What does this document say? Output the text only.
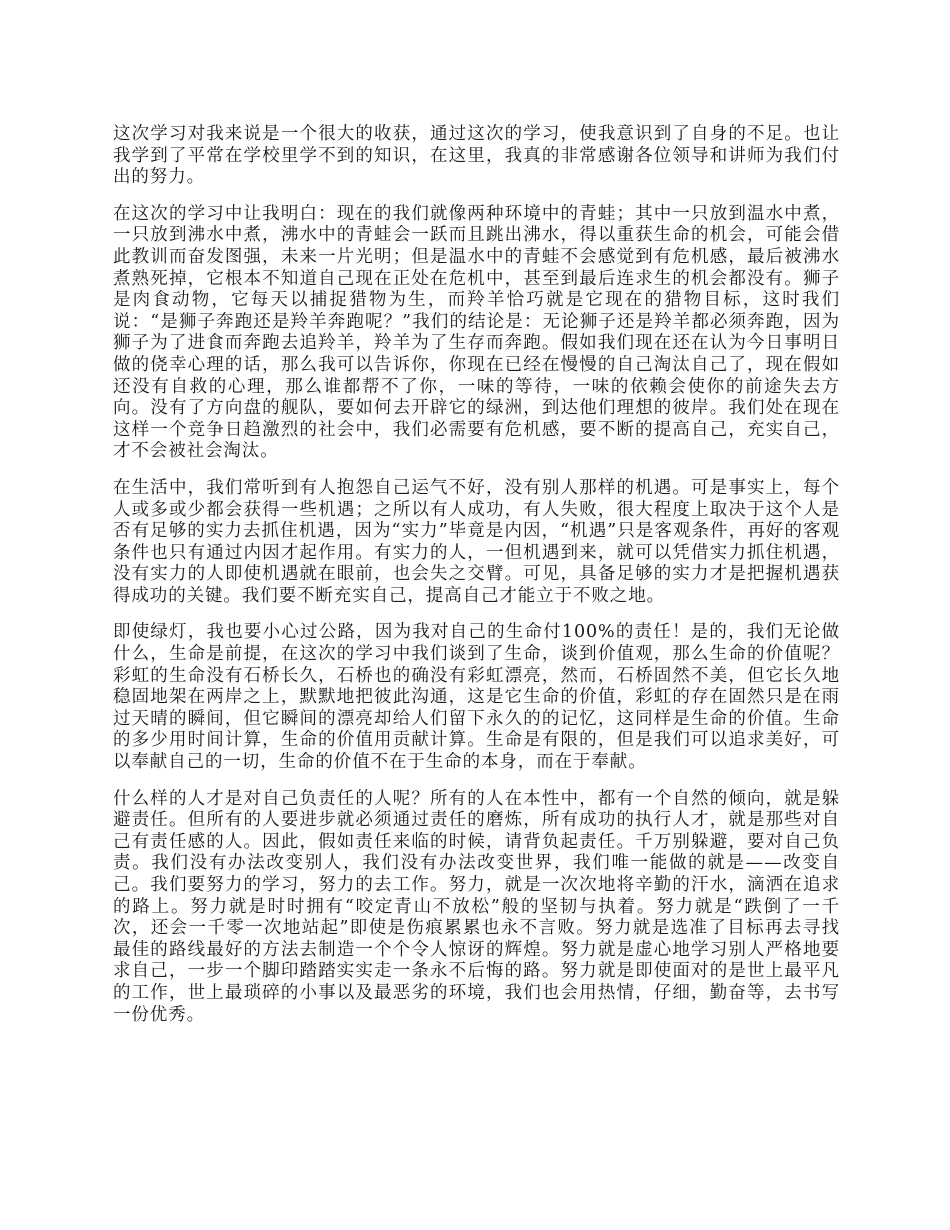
这次学习对我来说是一个很大的收获，通过这次的学习，使我意识到了自身的不足。也让我学到了平常在学校里学不到的知识，在这里，我真的非常感谢各位领导和讲师为我们付出的努力。

在这次的学习中让我明白：现在的我们就像两种环境中的青蛙；其中一只放到温水中煮，一只放到沸水中煮，沸水中的青蛙会一跃而且跳出沸水，得以重获生命的机会，可能会借此教训而奋发图强，未来一片光明；但是温水中的青蛙不会感觉到有危机感，最后被沸水煮熟死掉，它根本不知道自己现在正处在危机中，甚至到最后连求生的机会都没有。狮子是肉食动物，它每天以捕捉猎物为生，而羚羊恰巧就是它现在的猎物目标，这时我们说：“是狮子奔跑还是羚羊奔跑呢？”我们的结论是：无论狮子还是羚羊都必须奔跑，因为狮子为了进食而奔跑去追羚羊，羚羊为了生存而奔跑。假如我们现在还在认为今日事明日做的侥幸心理的话，那么我可以告诉你，你现在已经在慢慢的自己淘汰自己了，现在假如还没有自救的心理，那么谁都帮不了你，一味的等待，一味的依赖会使你的前途失去方向。没有了方向盘的舰队，要如何去开辟它的绿洲，到达他们理想的彼岸。我们处在现在这样一个竞争日趋激烈的社会中，我们必需要有危机感，要不断的提高自己，充实自己，才不会被社会淘汰。

在生活中，我们常听到有人抱怨自己运气不好，没有别人那样的机遇。可是事实上，每个人或多或少都会获得一些机遇；之所以有人成功，有人失败，很大程度上取决于这个人是否有足够的实力去抓住机遇，因为“实力”毕竟是内因，“机遇”只是客观条件，再好的客观条件也只有通过内因才起作用。有实力的人，一但机遇到来，就可以凭借实力抓住机遇，没有实力的人即使机遇就在眼前，也会失之交臂。可见，具备足够的实力才是把握机遇获得成功的关键。我们要不断充实自己，提高自己才能立于不败之地。

即使绿灯，我也要小心过公路，因为我对自己的生命付100%的责任！是的，我们无论做什么，生命是前提，在这次的学习中我们谈到了生命，谈到价值观，那么生命的价值呢？彩虹的生命没有石桥长久，石桥也的确没有彩虹漂亮，然而，石桥固然不美，但它长久地稳固地架在两岸之上，默默地把彼此沟通，这是它生命的价值，彩虹的存在固然只是在雨过天晴的瞬间，但它瞬间的漂亮却给人们留下永久的的记忆，这同样是生命的价值。生命的多少用时间计算，生命的价值用贡献计算。生命是有限的，但是我们可以追求美好，可以奉献自己的一切，生命的价值不在于生命的本身，而在于奉献。

什么样的人才是对自己负责任的人呢？所有的人在本性中，都有一个自然的倾向，就是躲避责任。但所有的人要进步就必须通过责任的磨炼，所有成功的执行人才，就是那些对自己有责任感的人。因此，假如责任来临的时候，请背负起责任。千万别躲避，要对自己负责。我们没有办法改变别人，我们没有办法改变世界，我们唯一能做的就是——改变自己。我们要努力的学习，努力的去工作。努力，就是一次次地将辛勤的汗水，滴洒在追求的路上。努力就是时时拥有“咬定青山不放松”般的坚韧与执着。努力就是“跌倒了一千次，还会一千零一次地站起”即使是伤痕累累也永不言败。努力就是选准了目标再去寻找最佳的路线最好的方法去制造一个个令人惊讶的辉煌。努力就是虚心地学习别人严格地要求自己，一步一个脚印踏踏实实走一条永不后悔的路。努力就是即使面对的是世上最平凡的工作，世上最琐碎的小事以及最恶劣的环境，我们也会用热情，仔细，勤奋等，去书写一份优秀。
